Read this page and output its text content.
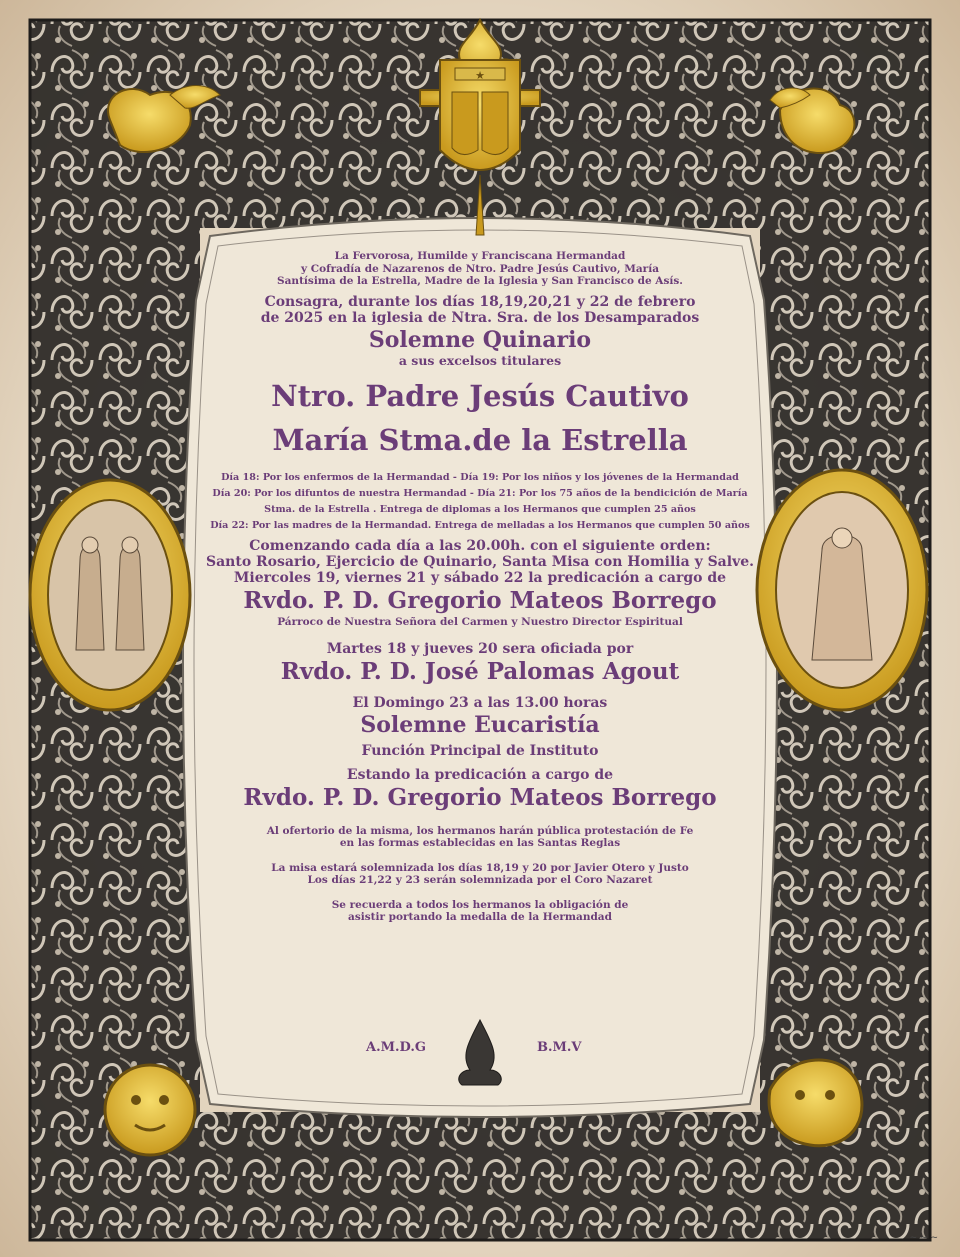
★
La Fervorosa, Humilde y Franciscana Hermandad
y Cofradía de Nazarenos de Ntro. Padre Jesús Cautivo, María
Santísima de la Estrella, Madre de la Iglesia y San Francisco de Asís.
Consagra, durante los días 18,19,20,21 y 22 de febrero
de 2025 en la iglesia de Ntra. Sra. de los Desamparados
Solemne Quinario
a sus excelsos titulares
Ntro. Padre Jesús Cautivo
María Stma.de la Estrella
Día 18: Por los enfermos de la Hermandad - Día 19: Por los niños y los jóvenes de la Hermandad
Día 20: Por los difuntos de nuestra Hermandad - Día 21: Por los 75 años de la bendicición de María
Stma. de la Estrella . Entrega de diplomas a los Hermanos que cumplen 25 años
Día 22: Por las madres de la Hermandad. Entrega de melladas a los Hermanos que cumplen 50 años
Comenzando cada día a las 20.00h. con el siguiente orden:
Santo Rosario, Ejercicio de Quinario, Santa Misa con Homilia y Salve.
Miercoles 19, viernes 21 y sábado 22 la predicación a cargo de
Rvdo. P. D. Gregorio Mateos Borrego
Párroco de Nuestra Señora del Carmen y Nuestro Director Espiritual
Martes 18 y jueves 20 sera oficiada por
Rvdo. P. D. José Palomas Agout
El Domingo 23 a las 13.00 horas
Solemne Eucaristía
Función Principal de Instituto
Estando la predicación a cargo de
Rvdo. P. D. Gregorio Mateos Borrego
Al ofertorio de la misma, los hermanos harán pública protestación de Fe
en las formas establecidas en las Santas Reglas
La misa estará solemnizada los días 18,19 y 20 por Javier Otero y Justo
Los días 21,22 y 23 serán solemnizada por el Coro Nazaret
Se recuerda a todos los hermanos la obligación de
asistir portando la medalla de la Hermandad
A.M.D.G	B.M.V
~ ~ ~
